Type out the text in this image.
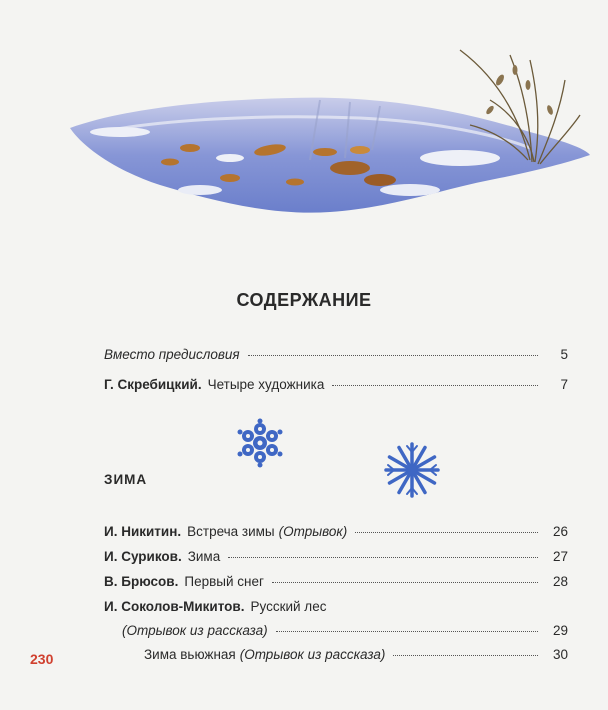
СОДЕРЖАНИЕ
Вместо предисловия	5
Г. Скребицкий. Четыре художника	7
ЗИМА
И. Никитин. Встреча зимы (Отрывок)	26
И. Суриков. Зима	27
В. Брюсов. Первый снег	28
И. Соколов-Микитов. Русский лес
(Отрывок из рассказа)	29
Зима вьюжная (Отрывок из рассказа)	30
230
